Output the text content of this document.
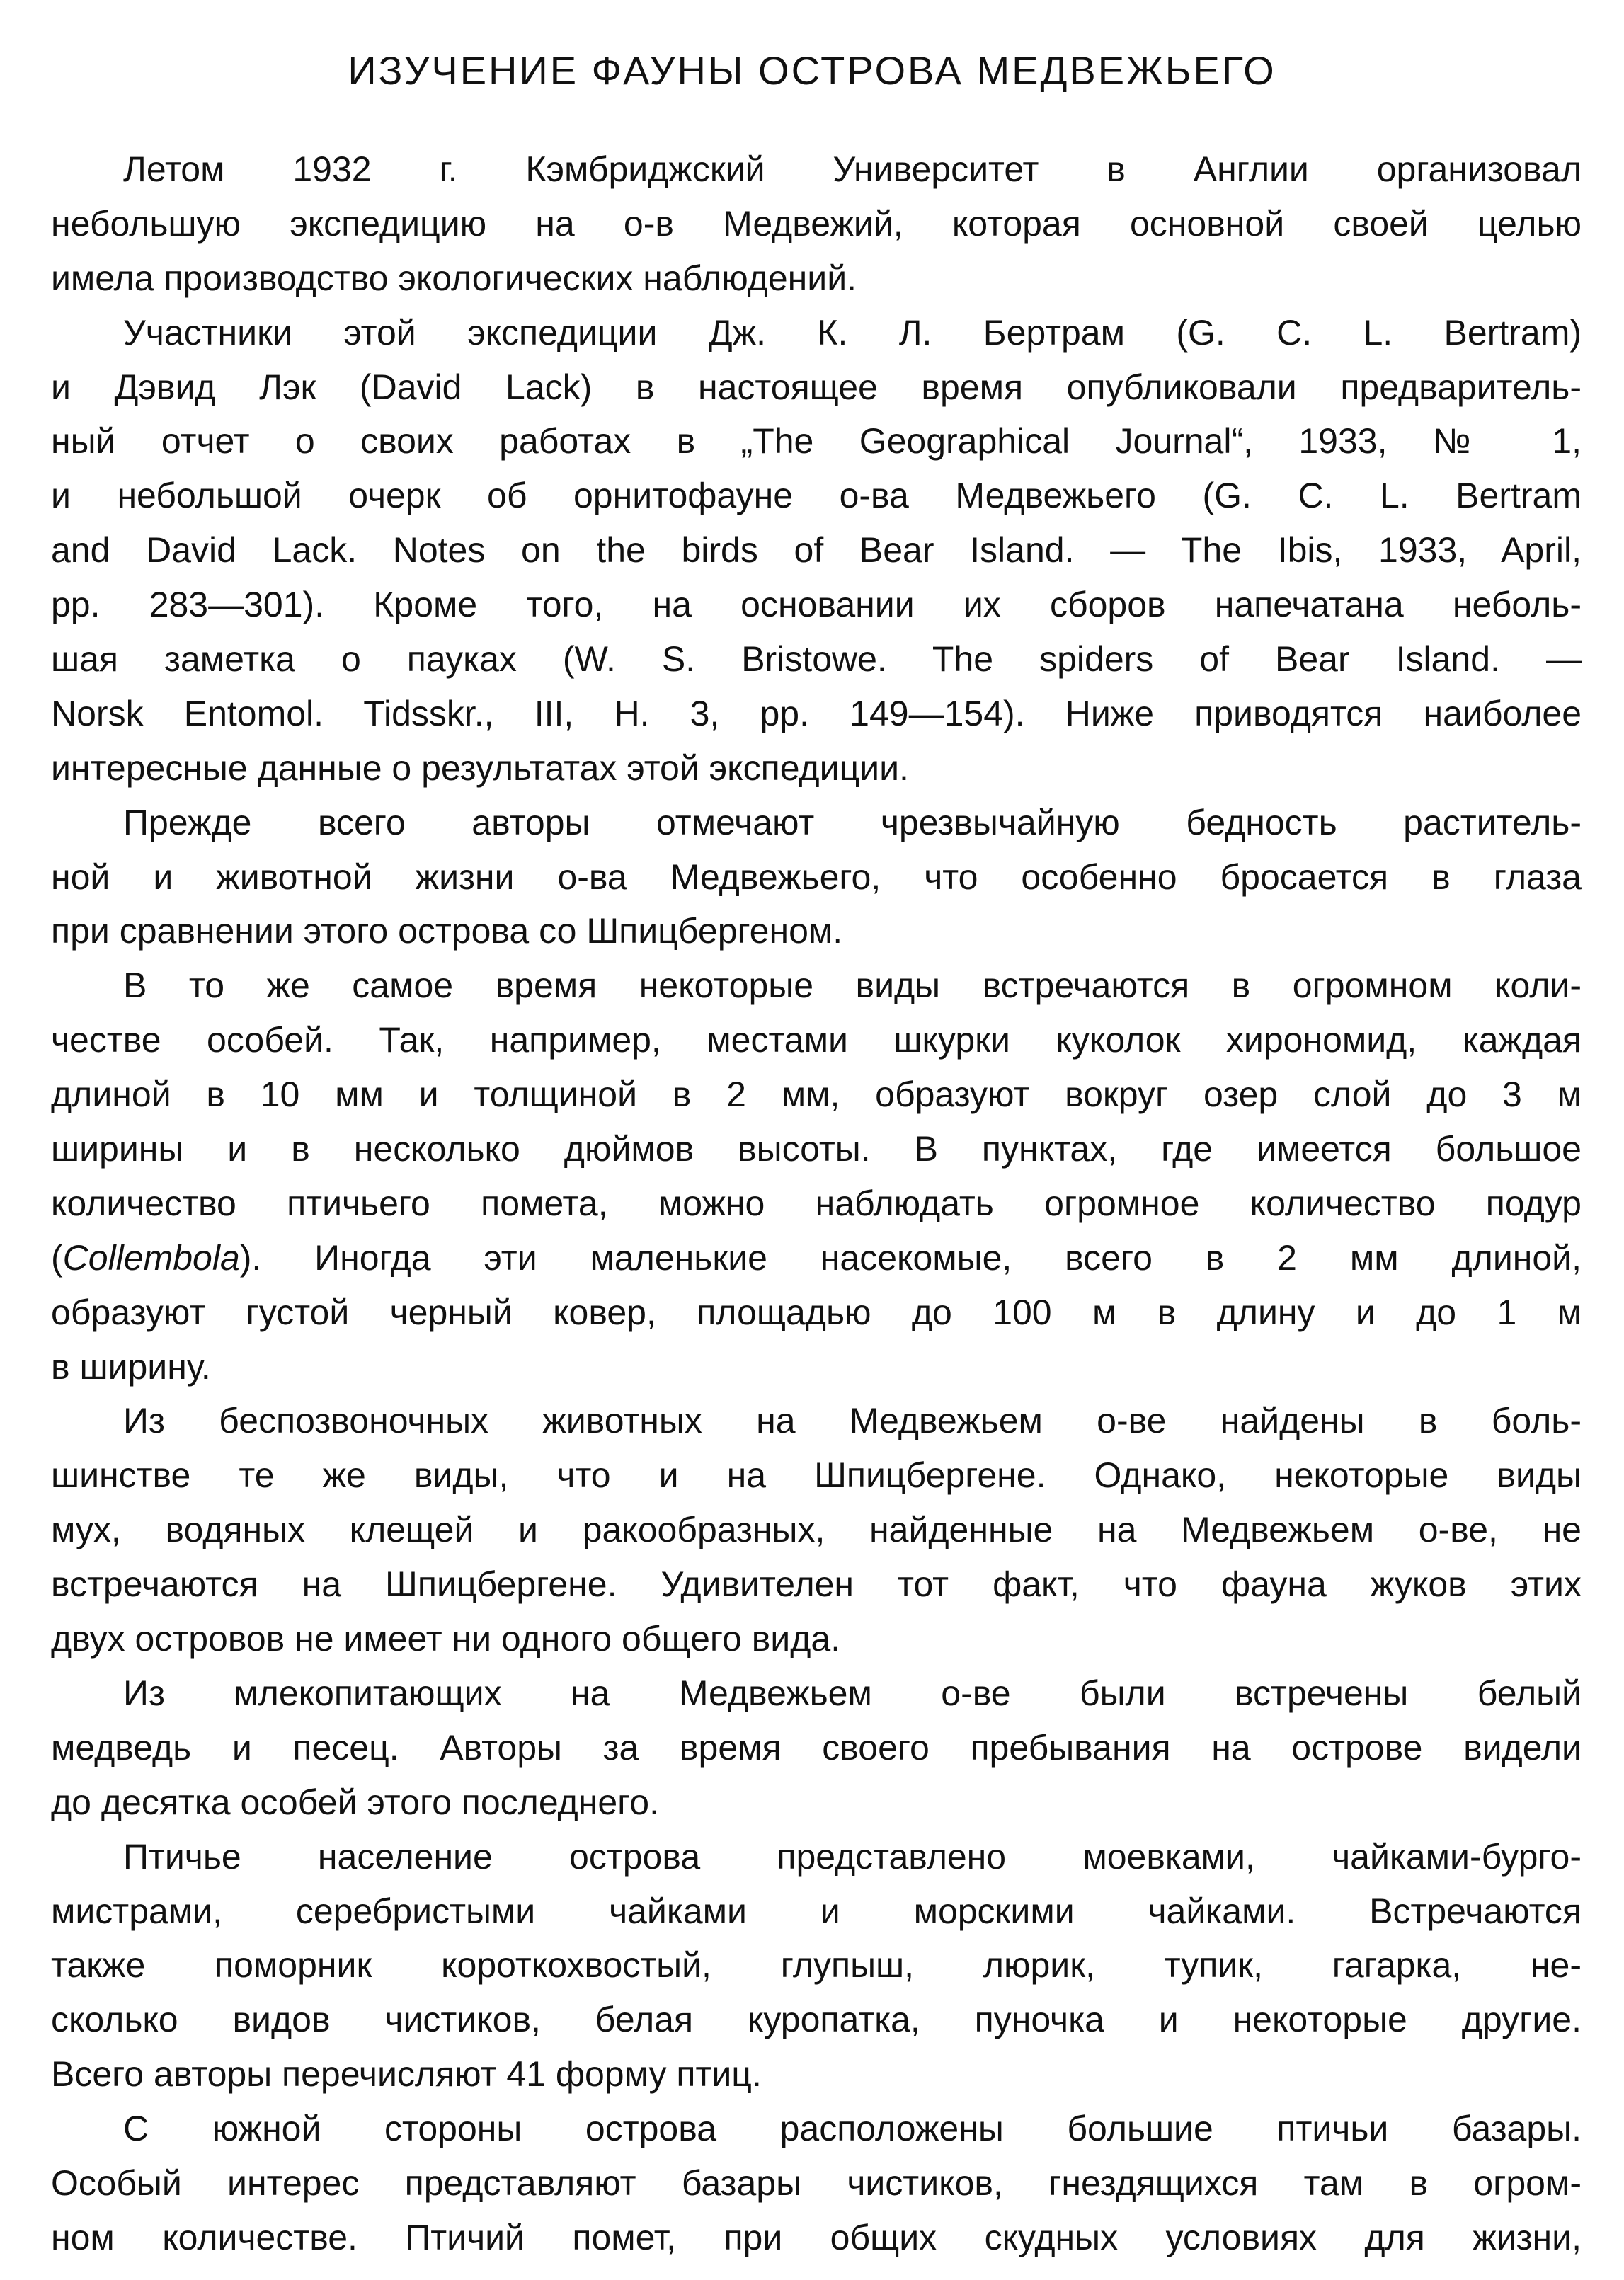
ИЗУЧЕНИЕ ФАУНЫ ОСТРОВА МЕДВЕЖЬЕГО
Летом 1932 г. Кэмбриджский Университет в Англии организовал
небольшую экспедицию на о-в Медвежий, которая основной своей целью
имела производство экологических наблюдений.
Участники этой экспедиции Дж. К. Л. Бертрам (G. C. L. Bertram)
и Дэвид Лэк (David Lack) в настоящее время опубликовали предваритель-
ный отчет о своих работах в „The Geographical Journal“, 1933, № 1,
и небольшой очерк об орнитофауне о-ва Медвежьего (G. C. L. Bertram
and David Lack. Notes on the birds of Bear Island. — The Ibis, 1933, April,
pp. 283—301). Кроме того, на основании их сборов напечатана неболь-
шая заметка о пауках (W. S. Bristowe. The spiders of Bear Island. —
Norsk Entomol. Tidsskr., III, H. 3, pp. 149—154). Ниже приводятся наиболее
интересные данные о результатах этой экспедиции.
Прежде всего авторы отмечают чрезвычайную бедность раститель-
ной и животной жизни о-ва Медвежьего, что особенно бросается в глаза
при сравнении этого острова со Шпицбергеном.
В то же самое время некоторые виды встречаются в огромном коли-
честве особей. Так, например, местами шкурки куколок хирономид, каждая
длиной в 10 мм и толщиной в 2 мм, образуют вокруг озер слой до 3 м
ширины и в несколько дюймов высоты. В пунктах, где имеется большое
количество птичьего помета, можно наблюдать огромное количество подур
(Collembola). Иногда эти маленькие насекомые, всего в 2 мм длиной,
образуют густой черный ковер, площадью до 100 м в длину и до 1 м
в ширину.
Из беспозвоночных животных на Медвежьем о-ве найдены в боль-
шинстве те же виды, что и на Шпицбергене. Однако, некоторые виды
мух, водяных клещей и ракообразных, найденные на Медвежьем о-ве, не
встречаются на Шпицбергене. Удивителен тот факт, что фауна жуков этих
двух островов не имеет ни одного общего вида.
Из млекопитающих на Медвежьем о-ве были встречены белый
медведь и песец. Авторы за время своего пребывания на острове видели
до десятка особей этого последнего.
Птичье население острова представлено моевками, чайками-бурго-
мистрами, серебристыми чайками и морскими чайками. Встречаются
также поморник короткохвостый, глупыш, люрик, тупик, гагарка, не-
сколько видов чистиков, белая куропатка, пуночка и некоторые другие.
Всего авторы перечисляют 41 форму птиц.
С южной стороны острова расположены большие птичьи базары.
Особый интерес представляют базары чистиков, гнездящихся там в огром-
ном количестве. Птичий помет, при общих скудных условиях для жизни,
